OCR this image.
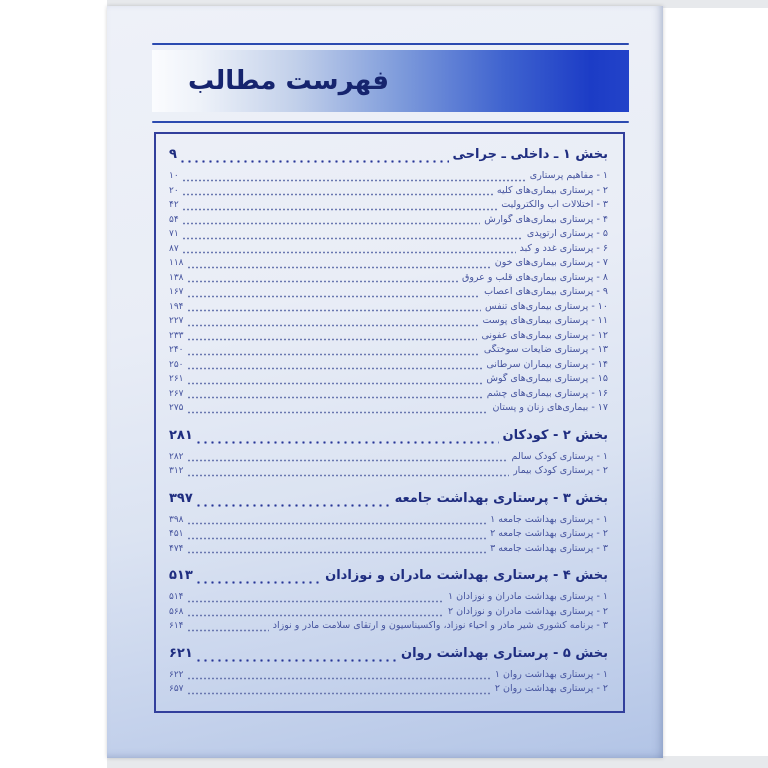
فهرست مطالب
بخش ۱ ـ داخلی ـ جراحی
۹
۱ - مفاهیم پرستاری
۱۰
۲ - پرستاری بیماری‌های کلیه
۲۰
۳ - اختلالات آب والکترولیت
۴۲
۴ - پرستاری بیماری‌های گوارش
۵۴
۵ - پرستاری ارتوپدی
۷۱
۶ - پرستاری غدد و کبد
۸۷
۷ - پرستاری بیماری‌های خون
۱۱۸
۸ - پرستاری بیماری‌های قلب و عروق
۱۳۸
۹ - پرستاری بیماری‌های اعصاب
۱۶۷
۱۰ - پرستاری بیماری‌های تنفس
۱۹۴
۱۱ - پرستاری بیماری‌های پوست
۲۲۷
۱۲ - پرستاری بیماری‌های عفونی
۲۳۳
۱۳ - پرستاری ضایعات سوختگی
۲۴۰
۱۴ - پرستاری بیماران سرطانی
۲۵۰
۱۵ - پرستاری بیماری‌های گوش
۲۶۱
۱۶ - پرستاری بیماری‌های چشم
۲۶۷
۱۷ - بیماری‌های زنان و پستان
۲۷۵
بخش ۲ - کودکان
۲۸۱
۱ - پرستاری کودک سالم
۲۸۲
۲ - پرستاری کودک بیمار
۳۱۲
بخش ۳ - پرستاری بهداشت جامعه
۳۹۷
۱ - پرستاری بهداشت جامعه ۱
۳۹۸
۲ - پرستاری بهداشت جامعه ۲
۴۵۱
۳ - پرستاری بهداشت جامعه ۳
۴۷۴
بخش ۴ - پرستاری بهداشت مادران و نوزادان
۵۱۳
۱ - پرستاری بهداشت مادران و نوزادان ۱
۵۱۴
۲ - پرستاری بهداشت مادران و نوزادان ۲
۵۶۸
۳ - برنامه کشوری شیر مادر و احیاء نوزاد، واکسیناسیون و ارتقای سلامت مادر و نوزاد
۶۱۴
بخش ۵ - پرستاری بهداشت روان
۶۲۱
۱ - پرستاری بهداشت روان ۱
۶۲۲
۲ - پرستاری بهداشت روان ۲
۶۵۷
